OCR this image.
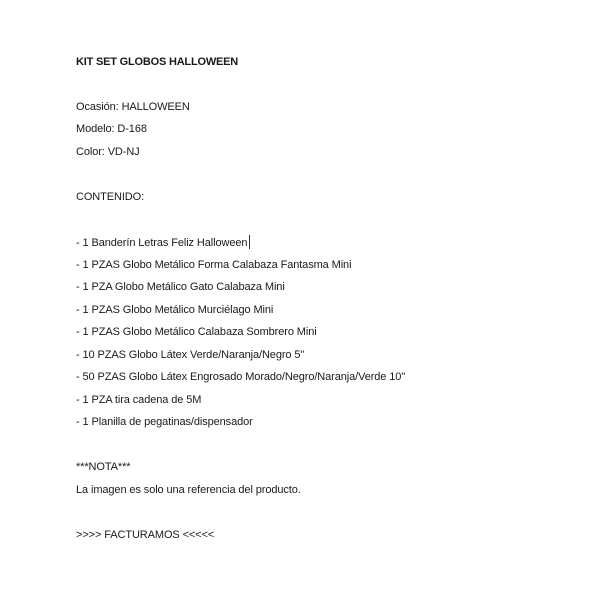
KIT SET GLOBOS HALLOWEEN
Ocasión: HALLOWEEN
Modelo: D-168
Color: VD-NJ
CONTENIDO:
- 1 Banderín Letras Feliz Halloween
- 1 PZAS Globo Metálico Forma Calabaza Fantasma Mini
- 1 PZA Globo Metálico Gato Calabaza Mini
- 1 PZAS Globo Metálico Murciélago Mini
- 1 PZAS Globo Metálico Calabaza Sombrero Mini
- 10 PZAS Globo Látex Verde/Naranja/Negro 5"
- 50 PZAS Globo Látex Engrosado Morado/Negro/Naranja/Verde 10"
- 1 PZA tira cadena de 5M
- 1 Planilla de pegatinas/dispensador
***NOTA***
La imagen es solo una referencia del producto.
>>>> FACTURAMOS <<<<<
